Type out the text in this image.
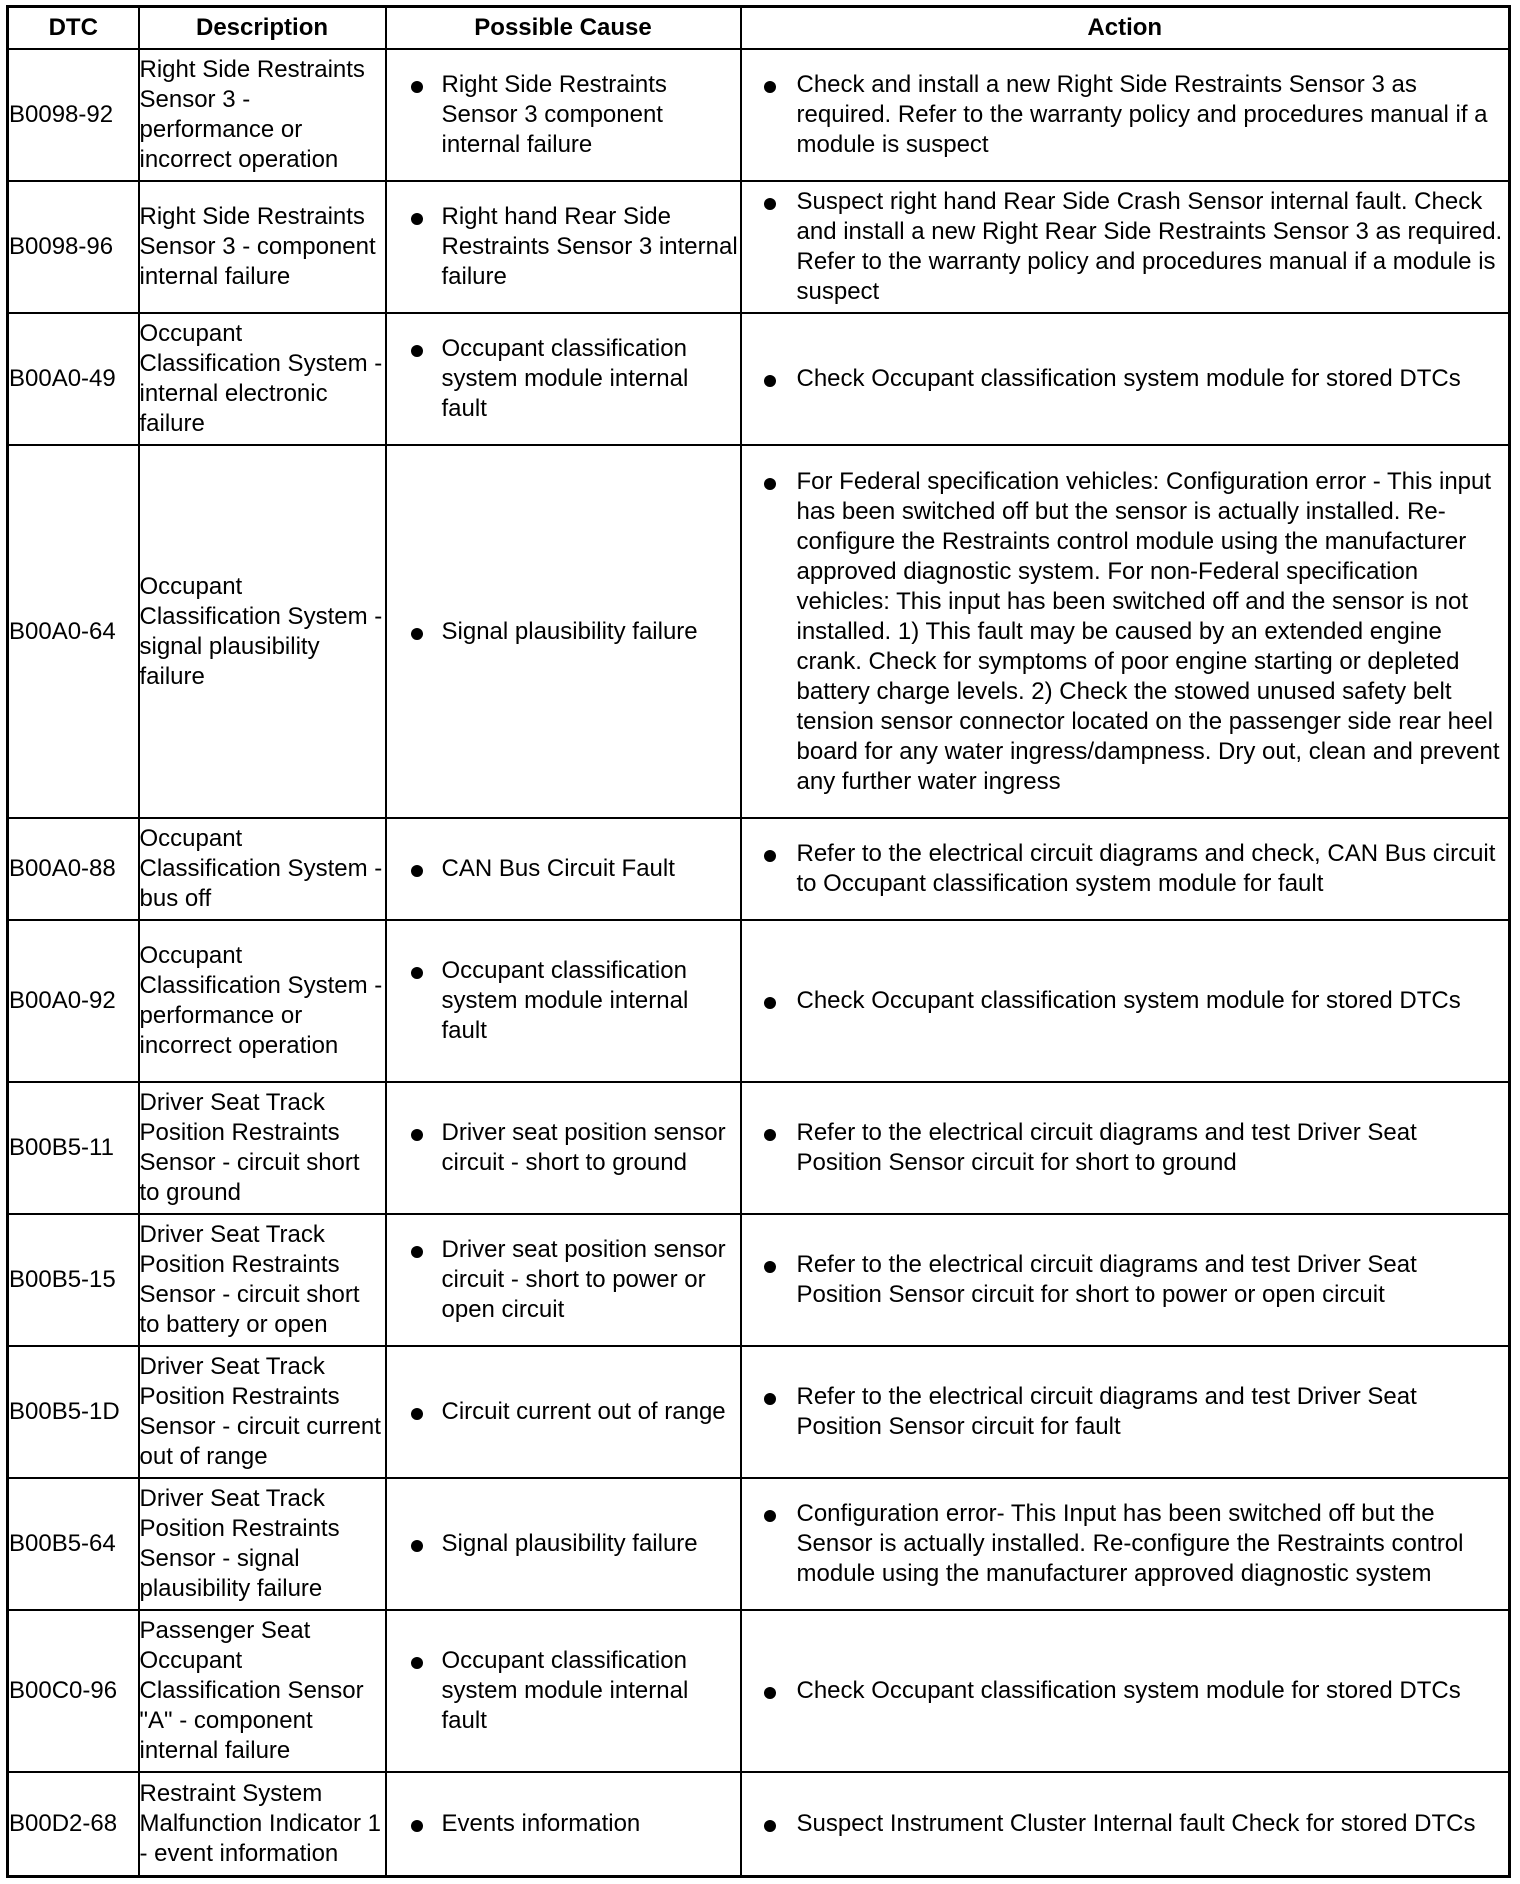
DTC	Description	Possible Cause	Action
B0098-92	Right Side Restraints Sensor 3 - performance or incorrect operation	Right Side Restraints Sensor 3 component internal failure	Check and install a new Right Side Restraints Sensor 3 as required. Refer to the warranty policy and procedures manual if a module is suspect

B0098-96	Right Side Restraints Sensor 3 - component internal failure	Right hand Rear Side Restraints Sensor 3 internal failure	Suspect right hand Rear Side Crash Sensor internal fault. Check and install a new Right Rear Side Restraints Sensor 3 as required. Refer to the warranty policy and procedures manual if a module is suspect

B00A0-49	Occupant Classification System - internal electronic failure	Occupant classification system module internal fault	Check Occupant classification system module for stored DTCs

B00A0-64	Occupant Classification System - signal plausibility failure	Signal plausibility failure	For Federal specification vehicles: Configuration error - This input has been switched off but the sensor is actually installed. Re-configure the Restraints control module using the manufacturer approved diagnostic system. For non-Federal specification vehicles: This input has been switched off and the sensor is not installed. 1) This fault may be caused by an extended engine crank. Check for symptoms of poor engine starting or depleted battery charge levels. 2) Check the stowed unused safety belt tension sensor connector located on the passenger side rear heel board for any water ingress/dampness. Dry out, clean and prevent any further water ingress

B00A0-88	Occupant Classification System - bus off	CAN Bus Circuit Fault	Refer to the electrical circuit diagrams and check, CAN Bus circuit to Occupant classification system module for fault

B00A0-92	Occupant Classification System - performance or incorrect operation	Occupant classification system module internal fault	Check Occupant classification system module for stored DTCs

B00B5-11	Driver Seat Track Position Restraints Sensor - circuit short to ground	Driver seat position sensor circuit - short to ground	Refer to the electrical circuit diagrams and test Driver Seat Position Sensor circuit for short to ground

B00B5-15	Driver Seat Track Position Restraints Sensor - circuit short to battery or open	Driver seat position sensor circuit - short to power or open circuit	Refer to the electrical circuit diagrams and test Driver Seat Position Sensor circuit for short to power or open circuit

B00B5-1D	Driver Seat Track Position Restraints Sensor - circuit current out of range	Circuit current out of range	Refer to the electrical circuit diagrams and test Driver Seat Position Sensor circuit for fault

B00B5-64	Driver Seat Track Position Restraints Sensor - signal plausibility failure	Signal plausibility failure	Configuration error- This Input has been switched off but the Sensor is actually installed. Re-configure the Restraints control module using the manufacturer approved diagnostic system

B00C0-96	Passenger Seat Occupant Classification Sensor "A" - component internal failure	Occupant classification system module internal fault	Check Occupant classification system module for stored DTCs

B00D2-68	Restraint System Malfunction Indicator 1 - event information	Events information	Suspect Instrument Cluster Internal fault Check for stored DTCs
